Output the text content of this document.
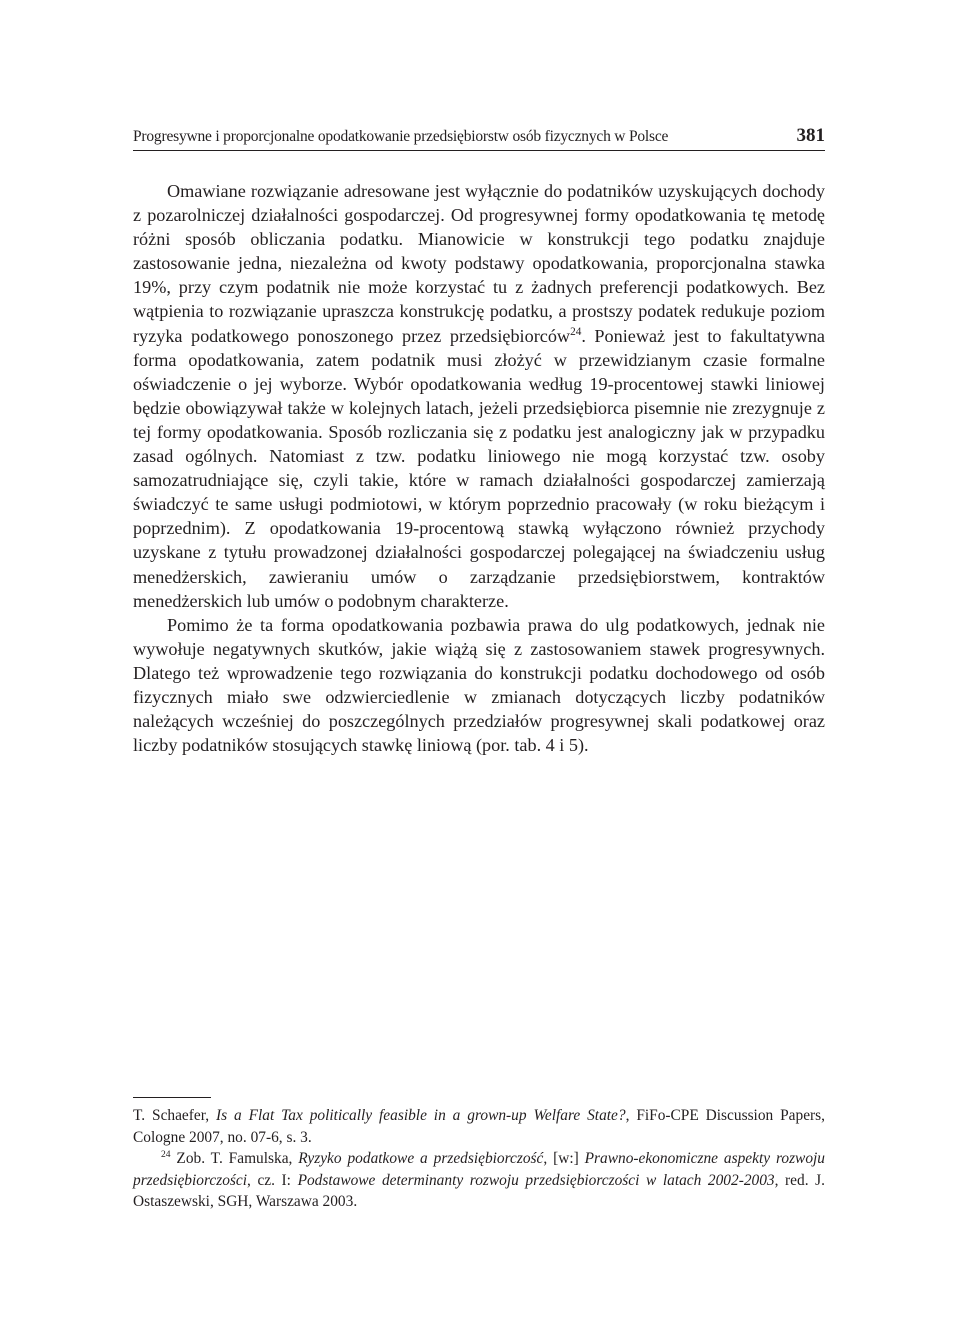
Progresywne i proporcjonalne opodatkowanie przedsiębiorstw osób fizycznych w Polsce	381

Omawiane rozwiązanie adresowane jest wyłącznie do podatników uzyskujących dochody z pozarolniczej działalności gospodarczej. Od progresywnej formy opodatkowania tę metodę różni sposób obliczania podatku. Mianowicie w konstrukcji tego podatku znajduje zastosowanie jedna, niezależna od kwoty podstawy opodatkowania, proporcjonalna stawka 19%, przy czym podatnik nie może korzystać tu z żadnych preferencji podatkowych. Bez wątpienia to rozwiązanie upraszcza konstrukcję podatku, a prostszy podatek redukuje poziom ryzyka podatkowego ponoszonego przez przedsiębiorców$^{24}$. Ponieważ jest to fakultatywna forma opodatkowania, zatem podatnik musi złożyć w przewidzianym czasie formalne oświadczenie o jej wyborze. Wybór opodatkowania według 19-procentowej stawki liniowej będzie obowiązywał także w kolejnych latach, jeżeli przedsiębiorca pisemnie nie zrezygnuje z tej formy opodatkowania. Sposób rozliczania się z podatku jest analogiczny jak w przypadku zasad ogólnych. Natomiast z tzw. podatku liniowego nie mogą korzystać tzw. osoby samozatrudniające się, czyli takie, które w ramach działalności gospodarczej zamierzają świadczyć te same usługi podmiotowi, w którym poprzednio pracowały (w roku bieżącym i poprzednim). Z opodatkowania 19-procentową stawką wyłączono również przychody uzyskane z tytułu prowadzonej działalności gospodarczej polegającej na świadczeniu usług menedżerskich, zawieraniu umów o zarządzanie przedsiębiorstwem, kontraktów menedżerskich lub umów o podobnym charakterze.

Pomimo że ta forma opodatkowania pozbawia prawa do ulg podatkowych, jednak nie wywołuje negatywnych skutków, jakie wiążą się z zastosowaniem stawek progresywnych. Dlatego też wprowadzenie tego rozwiązania do konstrukcji podatku dochodowego od osób fizycznych miało swe odzwierciedlenie w zmianach dotyczących liczby podatników należących wcześniej do poszczególnych przedziałów progresywnej skali podatkowej oraz liczby podatników stosujących stawkę liniową (por. tab. 4 i 5).

T. Schaefer, Is a Flat Tax politically feasible in a grown-up Welfare State?, FiFo-CPE Discussion Papers, Cologne 2007, no. 07-6, s. 3.

$^{24}$ Zob. T. Famulska, Ryzyko podatkowe a przedsiębiorczość, [w:] Prawno-ekonomiczne aspekty rozwoju przedsiębiorczości, cz. I: Podstawowe determinanty rozwoju przedsiębiorczości w latach 2002-2003, red. J. Ostaszewski, SGH, Warszawa 2003.
